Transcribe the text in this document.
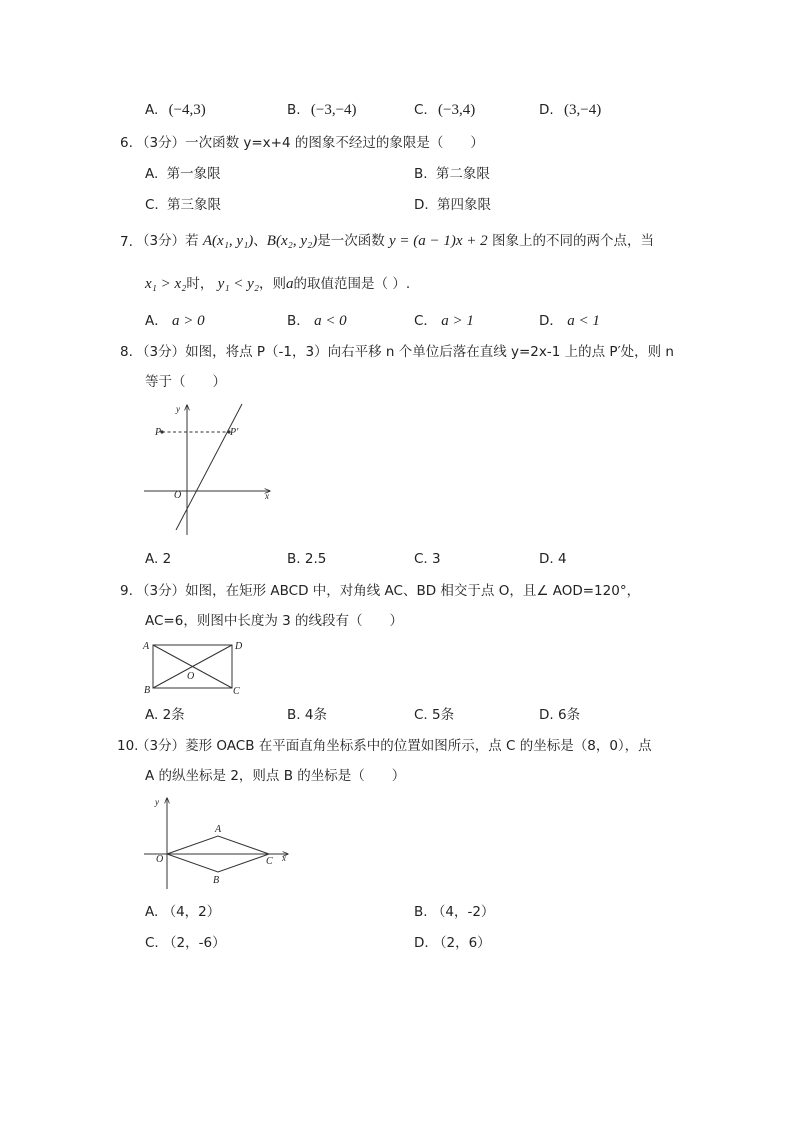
A. (−4,3)	B. (−3,−4)	C. (−3,4)	D. (3,−4)
6. （3分）一次函数 y=x+4 的图象不经过的象限是（　　）
A. 第一象限	B. 第二象限
C. 第三象限	D. 第四象限
7. （3分）若 A(x₁, y₁)、B(x₂, y₂)是一次函数 y = (a − 1)x + 2 图象上的不同的两个点，当
x₁ > x₂时， y₁ < y₂，则a的取值范围是（ ）.
A． a > 0	B． a < 0	C． a > 1	D． a < 1
8. （3分）如图，将点 P（-1，3）向右平移 n 个单位后落在直线 y=2x-1 上的点 P′处，则 n
等于（　　）
y
x
O
P	P′
A. 2	B. 2.5	C. 3	D. 4
9. （3分）如图，在矩形 ABCD 中，对角线 AC、BD 相交于点 O，且∠ AOD=120°，
AC=6，则图中长度为 3 的线段有（　　）
A	D
B	C
O
A. 2条	B. 4条	C. 5条	D. 6条
10.
（3分）菱形 OACB 在平面直角坐标系中的位置如图所示，点 C 的坐标是（8，0），点
A 的纵坐标是 2，则点 B 的坐标是（　　）
y
x
O
A
B
C
A. （4，2）	B. （4，-2）
C. （2，-6）	D. （2，6）
